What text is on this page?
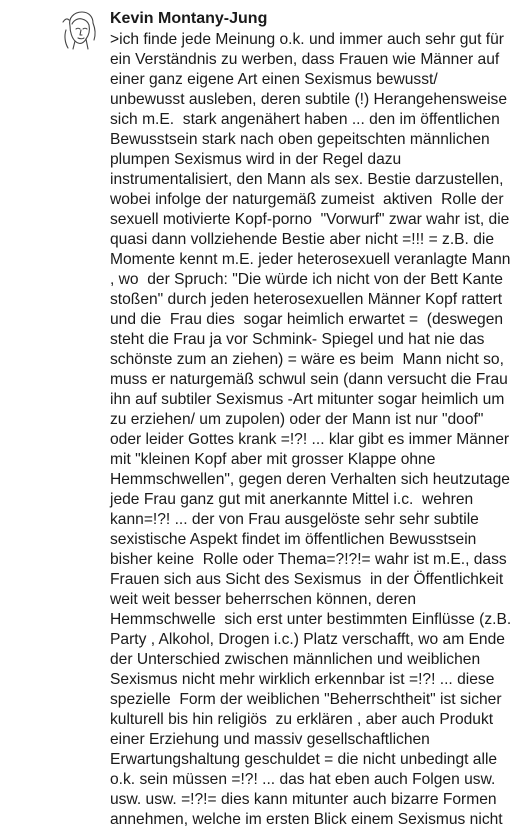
Kevin Montany-Jung

>ich finde jede Meinung o.k. und immer auch sehr gut für
ein Verständnis zu werben, dass Frauen wie Männer auf
einer ganz eigene Art einen Sexismus bewusst/
unbewusst ausleben, deren subtile (!) Herangehensweise
sich m.E.  stark angenähert haben ... den im öffentlichen
Bewusstsein stark nach oben gepeitschten männlichen
plumpen Sexismus wird in der Regel dazu
instrumentalisiert, den Mann als sex. Bestie darzustellen,
wobei infolge der naturgemäß zumeist  aktiven  Rolle der
sexuell motivierte Kopf-porno  "Vorwurf" zwar wahr ist, die
quasi dann vollziehende Bestie aber nicht =!!! = z.B. die
Momente kennt m.E. jeder heterosexuell veranlagte Mann
, wo  der Spruch: "Die würde ich nicht von der Bett Kante
stoßen" durch jeden heterosexuellen Männer Kopf rattert
und die  Frau dies  sogar heimlich erwartet =  (deswegen
steht die Frau ja vor Schmink- Spiegel und hat nie das
schönste zum an ziehen) = wäre es beim  Mann nicht so,
muss er naturgemäß schwul sein (dann versucht die Frau
ihn auf subtiler Sexismus -Art mitunter sogar heimlich um
zu erziehen/ um zupolen) oder der Mann ist nur "doof"
oder leider Gottes krank =!?! ... klar gibt es immer Männer
mit "kleinen Kopf aber mit grosser Klappe ohne
Hemmschwellen", gegen deren Verhalten sich heutzutage
jede Frau ganz gut mit anerkannte Mittel i.c.  wehren
kann=!?! ... der von Frau ausgelöste sehr sehr subtile
sexistische Aspekt findet im öffentlichen Bewusstsein
bisher keine  Rolle oder Thema=?!?!= wahr ist m.E., dass
Frauen sich aus Sicht des Sexismus  in der Öffentlichkeit
weit weit besser beherrschen können, deren
Hemmschwelle  sich erst unter bestimmten Einflüsse (z.B.
Party , Alkohol, Drogen i.c.) Platz verschafft, wo am Ende
der Unterschied zwischen männlichen und weiblichen
Sexismus nicht mehr wirklich erkennbar ist =!?! ... diese
spezielle  Form der weiblichen "Beherrschtheit" ist sicher
kulturell bis hin religiös  zu erklären , aber auch Produkt
einer Erziehung und massiv gesellschaftlichen
Erwartungshaltung geschuldet = die nicht unbedingt alle
o.k. sein müssen =!?! ... das hat eben auch Folgen usw.
usw. usw. =!?!= dies kann mitunter auch bizarre Formen
annehmen, welche im ersten Blick einem Sexismus nicht
